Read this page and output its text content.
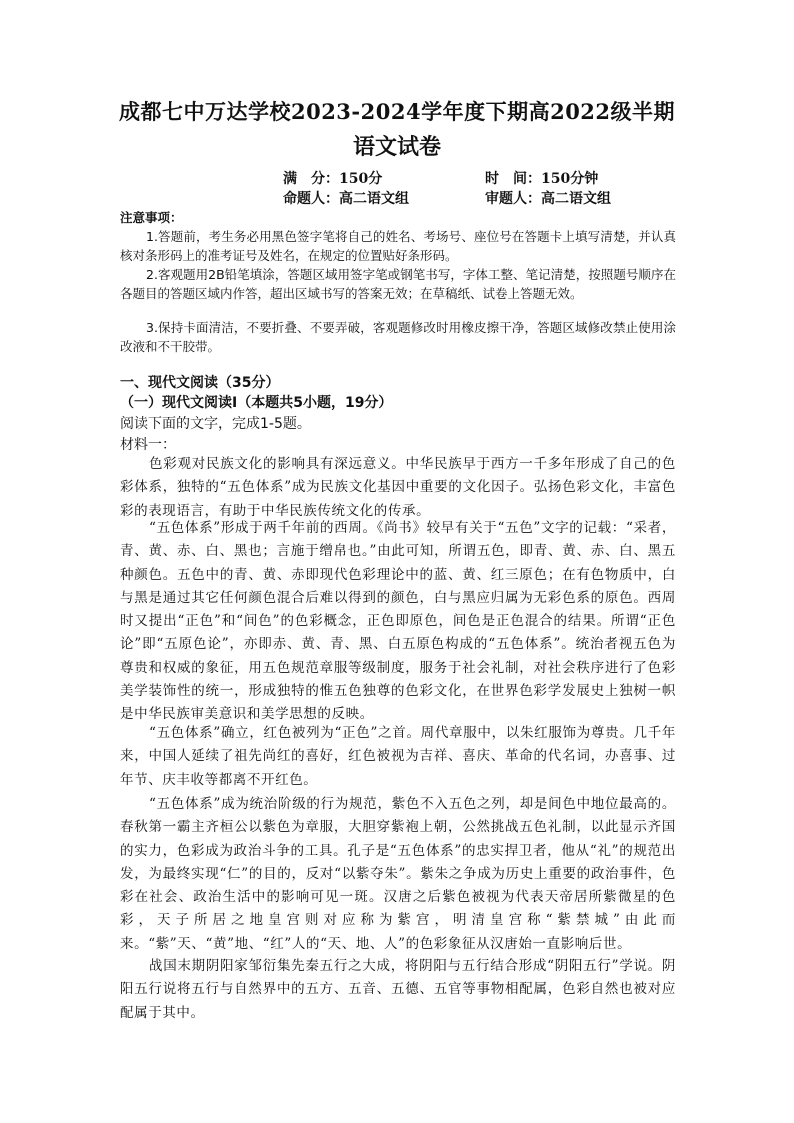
成都七中万达学校2023-2024学年度下期高2022级半期
语文试卷
满　分：150分	时　间：150分钟
命题人：高二语文组	审题人：高二语文组
注意事项：
1.答题前，考生务必用黑色签字笔将自己的姓名、考场号、座位号在答题卡上填写清楚，并认真核对条形码上的准考证号及姓名，在规定的位置贴好条形码。
2.客观题用2B铅笔填涂，答题区域用签字笔或钢笔书写，字体工整、笔记清楚，按照题号顺序在各题目的答题区域内作答，超出区域书写的答案无效；在草稿纸、试卷上答题无效。
3.保持卡面清洁，不要折叠、不要弄破，客观题修改时用橡皮擦干净，答题区域修改禁止使用涂改液和不干胶带。
一、现代文阅读（35分）
（一）现代文阅读Ⅰ（本题共5小题，19分）
阅读下面的文字，完成1-5题。
材料一：
色彩观对民族文化的影响具有深远意义。中华民族早于西方一千多年形成了自己的色彩体系，独特的“五色体系”成为民族文化基因中重要的文化因子。弘扬色彩文化，丰富色彩的表现语言，有助于中华民族传统文化的传承。
“五色体系”形成于两千年前的西周。《尚书》较早有关于“五色”文字的记载：“采者，青、黄、赤、白、黑也；言施于缯帛也。”由此可知，所谓五色，即青、黄、赤、白、黑五种颜色。五色中的青、黄、赤即现代色彩理论中的蓝、黄、红三原色；在有色物质中，白与黑是通过其它任何颜色混合后难以得到的颜色，白与黑应归属为无彩色系的原色。西周时又提出“正色”和“间色”的色彩概念，正色即原色，间色是正色混合的结果。所谓“正色论”即“五原色论”，亦即赤、黄、青、黑、白五原色构成的“五色体系”。统治者视五色为尊贵和权威的象征，用五色规范章服等级制度，服务于社会礼制，对社会秩序进行了色彩美学装饰性的统一，形成独特的惟五色独尊的色彩文化，在世界色彩学发展史上独树一帜是中华民族审美意识和美学思想的反映。
“五色体系”确立，红色被列为“正色”之首。周代章服中，以朱红服饰为尊贵。几千年来，中国人延续了祖先尚红的喜好，红色被视为吉祥、喜庆、革命的代名词，办喜事、过年节、庆丰收等都离不开红色。
“五色体系”成为统治阶级的行为规范，紫色不入五色之列，却是间色中地位最高的。春秋第一霸主齐桓公以紫色为章服，大胆穿紫袍上朝，公然挑战五色礼制，以此显示齐国的实力，色彩成为政治斗争的工具。孔子是“五色体系”的忠实捍卫者，他从“礼”的规范出发，为最终实现“仁”的目的，反对“以紫夺朱”。紫朱之争成为历史上重要的政治事件，色彩在社会、政治生活中的影响可见一斑。汉唐之后紫色被视为代表天帝居所紫微星的色彩，天子所居之地皇宫则对应称为紫宫，明清皇宫称“紫禁城”由此而来。“紫”天、“黄”地、“红”人的“天、地、人”的色彩象征从汉唐始一直影响后世。
战国末期阴阳家邹衍集先秦五行之大成，将阴阳与五行结合形成“阴阳五行”学说。阴阳五行说将五行与自然界中的五方、五音、五德、五官等事物相配属，色彩自然也被对应配属于其中。
